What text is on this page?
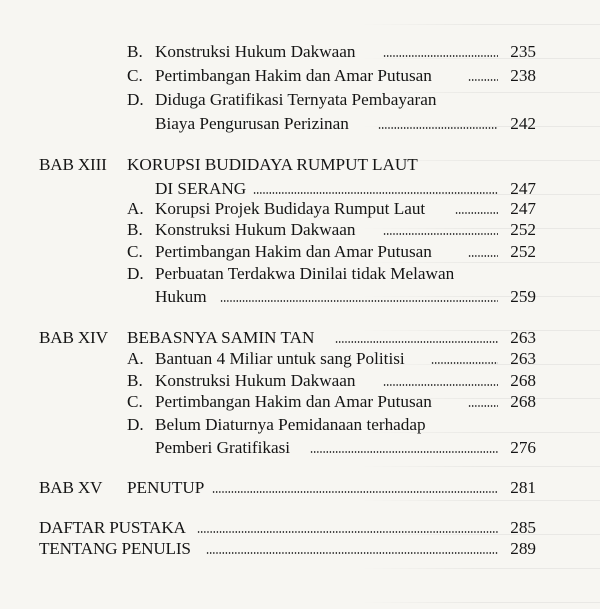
B. Konstruksi Hukum Dakwaan	235
C. Pertimbangan Hakim dan Amar Putusan	238
D. Diduga Gratifikasi Ternyata Pembayaran
Biaya Pengurusan Perizinan	242
BAB XIII KORUPSI BUDIDAYA RUMPUT LAUT
DI SERANG	247
A. Korupsi Projek Budidaya Rumput Laut	247
B. Konstruksi Hukum Dakwaan	252
C. Pertimbangan Hakim dan Amar Putusan	252
D. Perbuatan Terdakwa Dinilai tidak Melawan
Hukum	259
BAB XIV BEBASNYA SAMIN TAN	263
A. Bantuan 4 Miliar untuk sang Politisi	263
B. Konstruksi Hukum Dakwaan	268
C. Pertimbangan Hakim dan Amar Putusan	268
D. Belum Diaturnya Pemidanaan terhadap
Pemberi Gratifikasi	276
BAB XV PENUTUP	281
DAFTAR PUSTAKA	285
TENTANG PENULIS	289
